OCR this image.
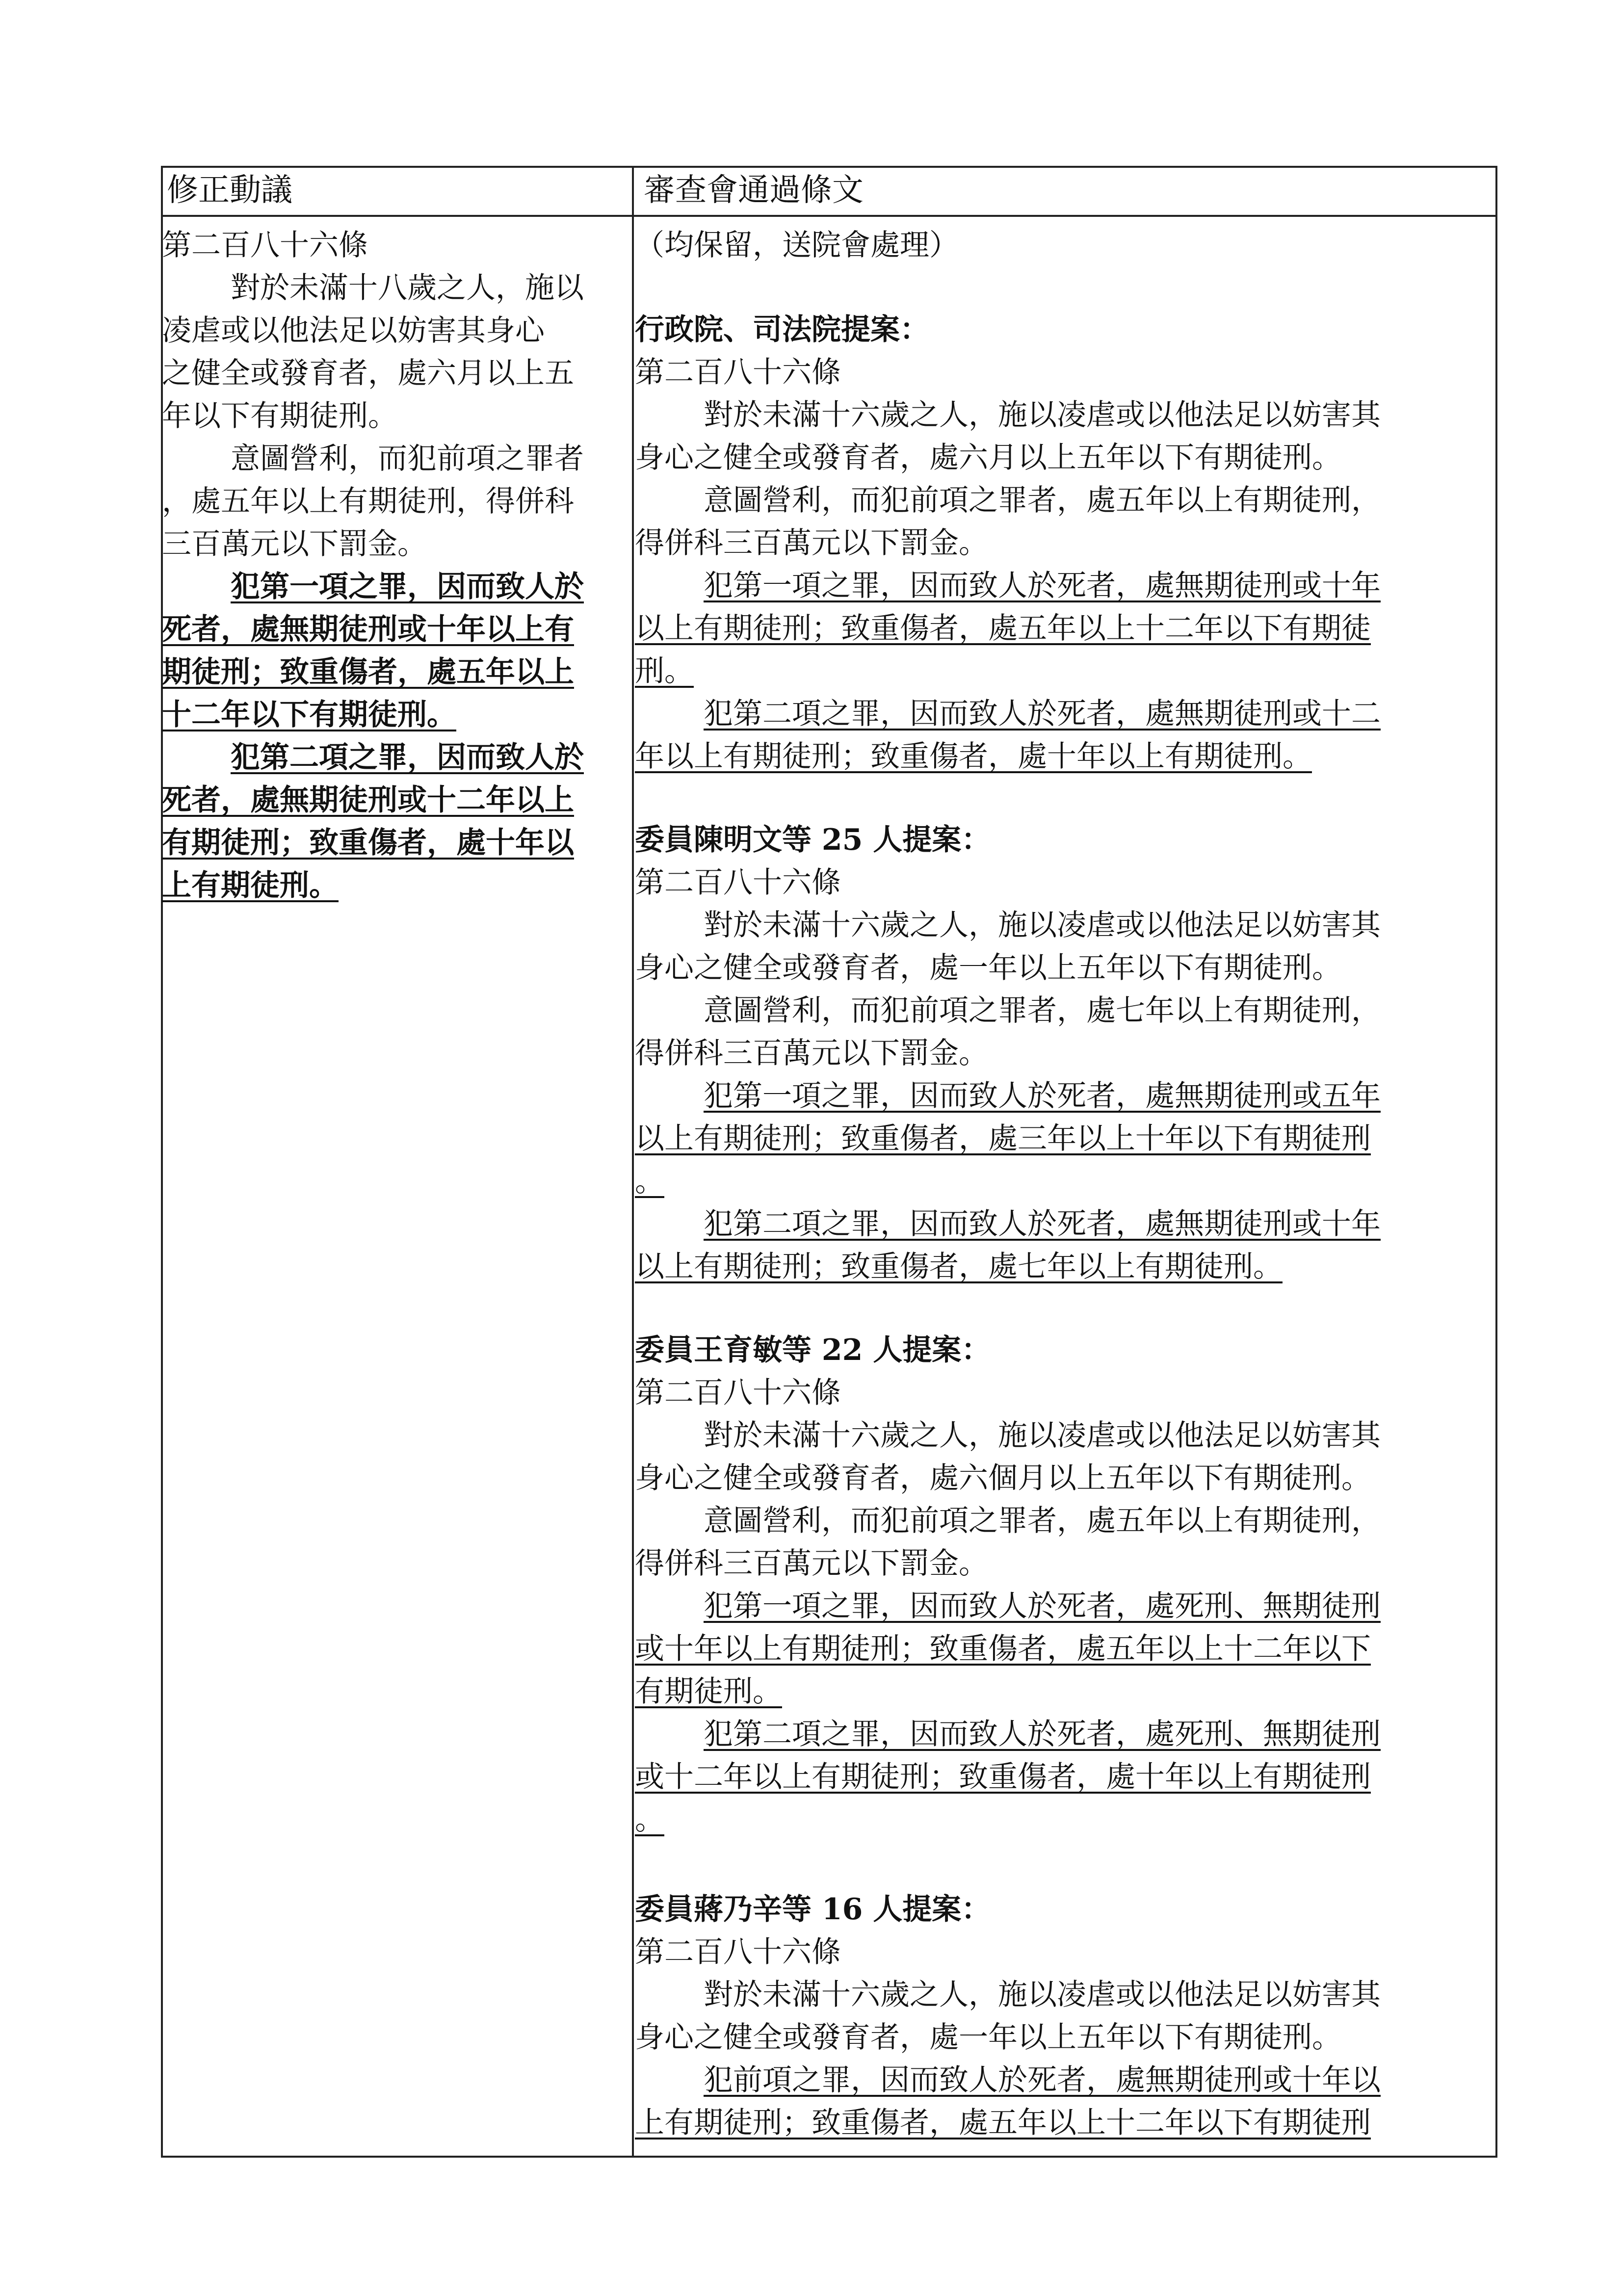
修正動議	審查會通過條文
第二百八十六條
對於未滿十八歲之人，施以
凌虐或以他法足以妨害其身心
之健全或發育者，處六月以上五
年以下有期徒刑。
意圖營利，而犯前項之罪者
，處五年以上有期徒刑，得併科
三百萬元以下罰金。
犯第一項之罪，因而致人於
死者，處無期徒刑或十年以上有
期徒刑；致重傷者，處五年以上
十二年以下有期徒刑。
犯第二項之罪，因而致人於
死者，處無期徒刑或十二年以上
有期徒刑；致重傷者，處十年以
上有期徒刑。
（均保留，送院會處理）
行政院、司法院提案：
第二百八十六條
對於未滿十六歲之人，施以凌虐或以他法足以妨害其
身心之健全或發育者，處六月以上五年以下有期徒刑。
意圖營利，而犯前項之罪者，處五年以上有期徒刑，
得併科三百萬元以下罰金。
犯第一項之罪，因而致人於死者，處無期徒刑或十年
以上有期徒刑；致重傷者，處五年以上十二年以下有期徒
刑。
犯第二項之罪，因而致人於死者，處無期徒刑或十二
年以上有期徒刑；致重傷者，處十年以上有期徒刑。
委員陳明文等 25 人提案：
第二百八十六條
對於未滿十六歲之人，施以凌虐或以他法足以妨害其
身心之健全或發育者，處一年以上五年以下有期徒刑。
意圖營利，而犯前項之罪者，處七年以上有期徒刑，
得併科三百萬元以下罰金。
犯第一項之罪，因而致人於死者，處無期徒刑或五年
以上有期徒刑；致重傷者，處三年以上十年以下有期徒刑
。
犯第二項之罪，因而致人於死者，處無期徒刑或十年
以上有期徒刑；致重傷者，處七年以上有期徒刑。
委員王育敏等 22 人提案：
第二百八十六條
對於未滿十六歲之人，施以凌虐或以他法足以妨害其
身心之健全或發育者，處六個月以上五年以下有期徒刑。
意圖營利，而犯前項之罪者，處五年以上有期徒刑，
得併科三百萬元以下罰金。
犯第一項之罪，因而致人於死者，處死刑、無期徒刑
或十年以上有期徒刑；致重傷者，處五年以上十二年以下
有期徒刑。
犯第二項之罪，因而致人於死者，處死刑、無期徒刑
或十二年以上有期徒刑；致重傷者，處十年以上有期徒刑
。
委員蔣乃辛等 16 人提案：
第二百八十六條
對於未滿十六歲之人，施以凌虐或以他法足以妨害其
身心之健全或發育者，處一年以上五年以下有期徒刑。
犯前項之罪，因而致人於死者，處無期徒刑或十年以
上有期徒刑；致重傷者，處五年以上十二年以下有期徒刑
